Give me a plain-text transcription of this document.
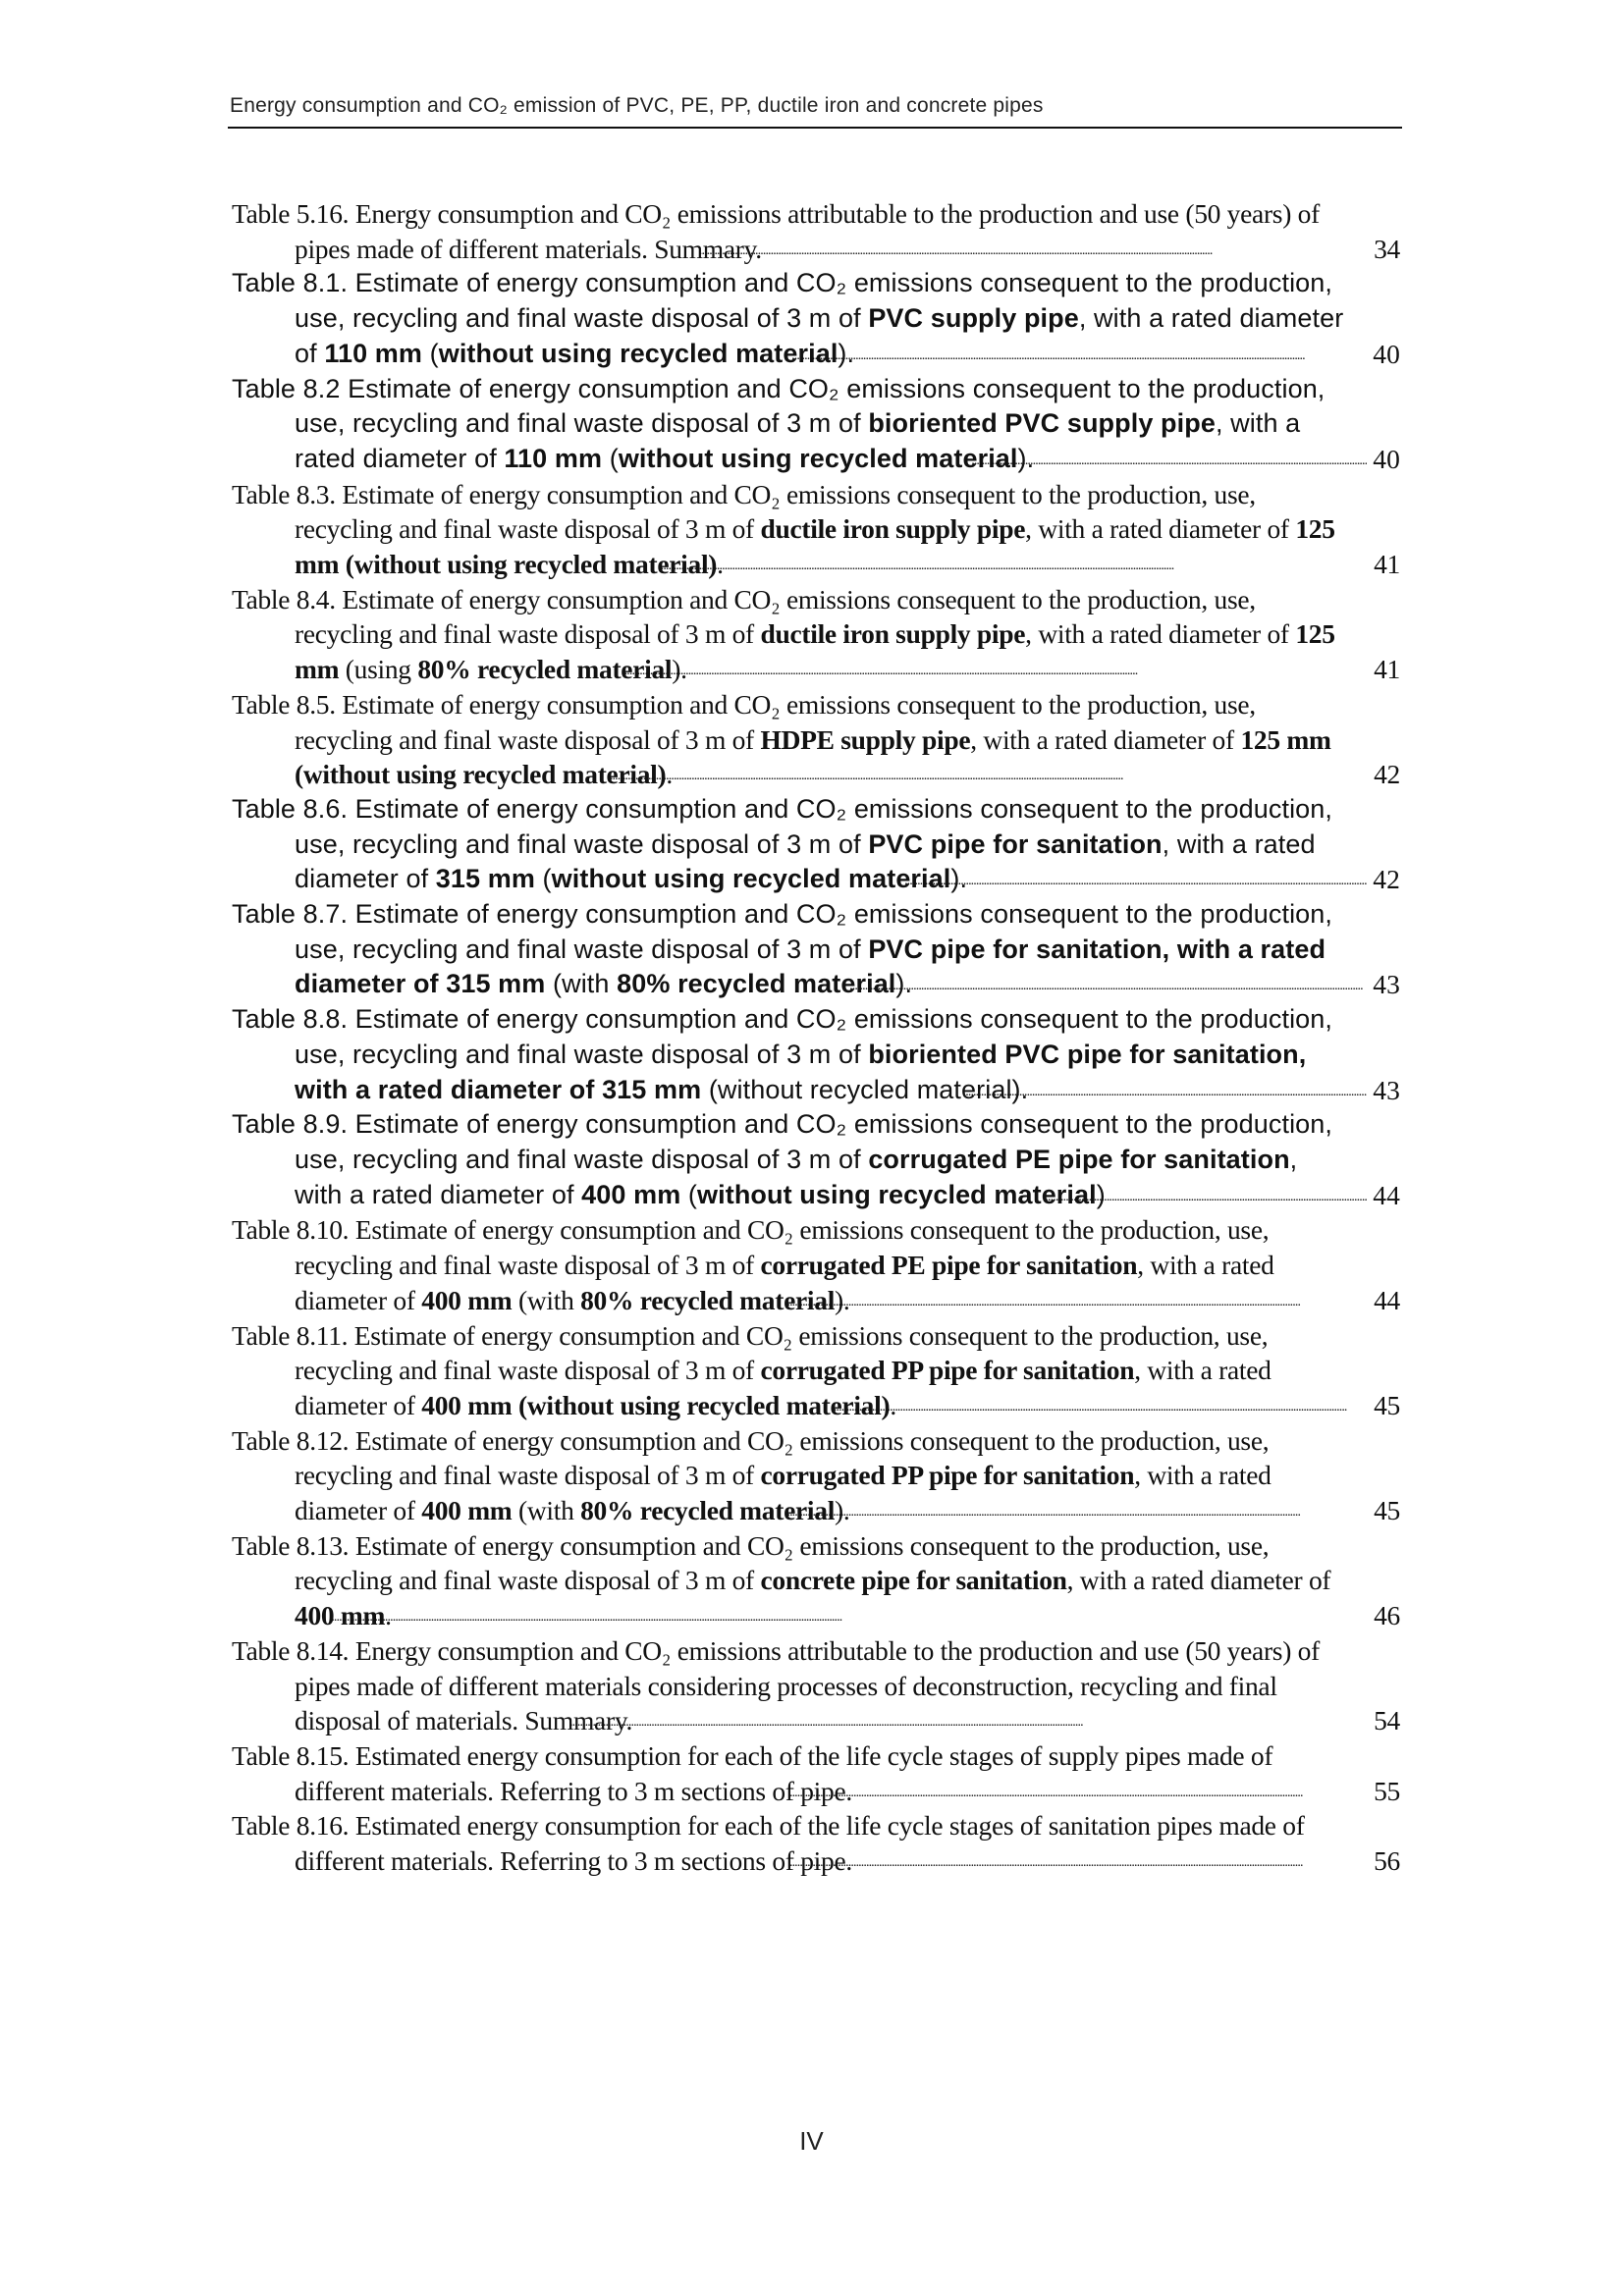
Energy consumption and CO₂ emission of PVC, PE, PP, ductile iron and concrete pipes
Table 5.16. Energy consumption and CO₂ emissions attributable to the production and use (50 years) of pipes made of different materials. Summary.	34
Table 8.1. Estimate of energy consumption and CO₂ emissions consequent to the production, use, recycling and final waste disposal of 3 m of PVC supply pipe, with a rated diameter of 110 mm (without using recycled material).	40
Table 8.2 Estimate of energy consumption and CO₂ emissions consequent to the production, use, recycling and final waste disposal of 3 m of bioriented PVC supply pipe, with a rated diameter of 110 mm (without using recycled material).	40
Table 8.3. Estimate of energy consumption and CO₂ emissions consequent to the production, use, recycling and final waste disposal of 3 m of ductile iron supply pipe, with a rated diameter of 125 mm (without using recycled material).	41
Table 8.4. Estimate of energy consumption and CO₂ emissions consequent to the production, use, recycling and final waste disposal of 3 m of ductile iron supply pipe, with a rated diameter of 125 mm (using 80% recycled material).	41
Table 8.5. Estimate of energy consumption and CO₂ emissions consequent to the production, use, recycling and final waste disposal of 3 m of HDPE supply pipe, with a rated diameter of 125 mm (without using recycled material).	42
Table 8.6. Estimate of energy consumption and CO₂ emissions consequent to the production, use, recycling and final waste disposal of 3 m of PVC pipe for sanitation, with a rated diameter of 315 mm (without using recycled material).	42
Table 8.7. Estimate of energy consumption and CO₂ emissions consequent to the production, use, recycling and final waste disposal of 3 m of PVC pipe for sanitation, with a rated diameter of 315 mm (with 80% recycled material).	43
Table 8.8. Estimate of energy consumption and CO₂ emissions consequent to the production, use, recycling and final waste disposal of 3 m of bioriented PVC pipe for sanitation, with a rated diameter of 315 mm (without recycled material).	43
Table 8.9. Estimate of energy consumption and CO₂ emissions consequent to the production, use, recycling and final waste disposal of 3 m of corrugated PE pipe for sanitation, with a rated diameter of 400 mm (without using recycled material)	44
Table 8.10. Estimate of energy consumption and CO₂ emissions consequent to the production, use, recycling and final waste disposal of 3 m of corrugated PE pipe for sanitation, with a rated diameter of 400 mm (with 80% recycled material).	44
Table 8.11. Estimate of energy consumption and CO₂ emissions consequent to the production, use, recycling and final waste disposal of 3 m of corrugated PP pipe for sanitation, with a rated diameter of 400 mm (without using recycled material).	45
Table 8.12. Estimate of energy consumption and CO₂ emissions consequent to the production, use, recycling and final waste disposal of 3 m of corrugated PP pipe for sanitation, with a rated diameter of 400 mm (with 80% recycled material).	45
Table 8.13. Estimate of energy consumption and CO₂ emissions consequent to the production, use, recycling and final waste disposal of 3 m of concrete pipe for sanitation, with a rated diameter of 400 mm.	46
Table 8.14. Energy consumption and CO₂ emissions attributable to the production and use (50 years) of pipes made of different materials considering processes of deconstruction, recycling and final disposal of materials. Summary.	54
Table 8.15. Estimated energy consumption for each of the life cycle stages of supply pipes made of different materials. Referring to 3 m sections of pipe.	55
Table 8.16. Estimated energy consumption for each of the life cycle stages of sanitation pipes made of different materials. Referring to 3 m sections of pipe.	56
IV
